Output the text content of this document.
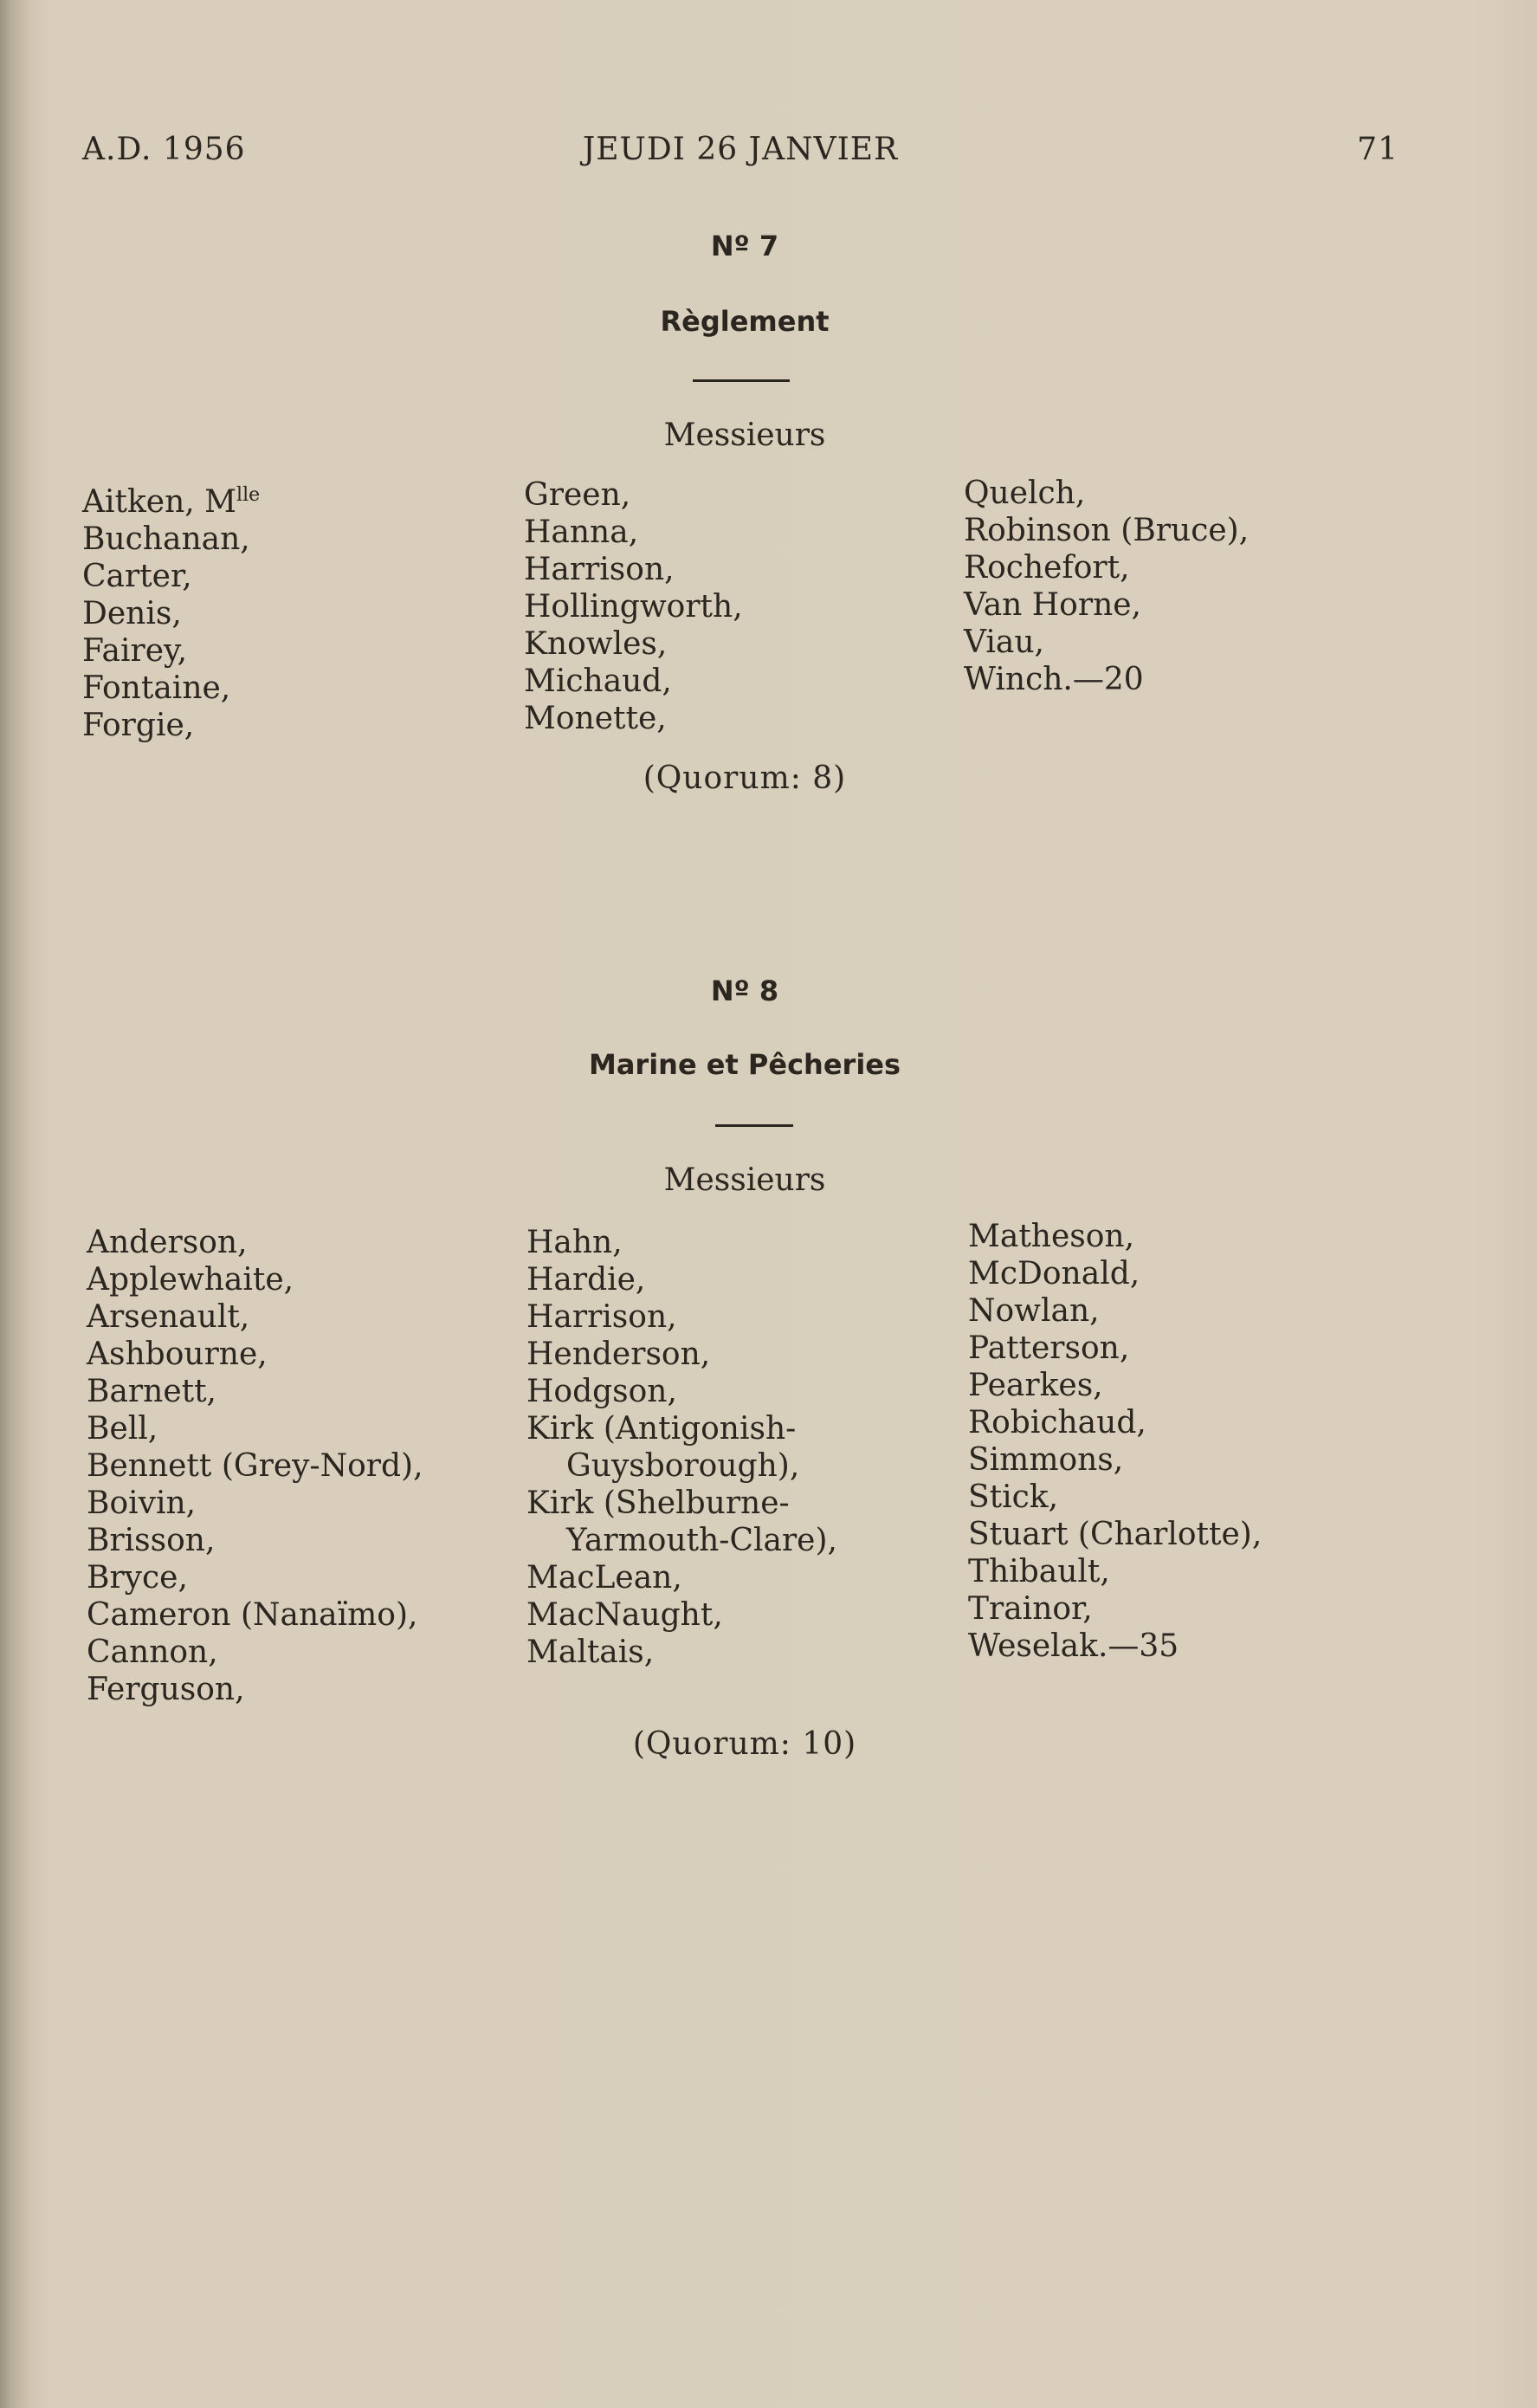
A.D. 1956	JEUDI 26 JANVIER	71
Nº 7
Règlement
Messieurs
Aitken, $M^{lle}$
Buchanan,
Carter,
Denis,
Fairey,
Fontaine,
Forgie,
Green,
Hanna,
Harrison,
Hollingworth,
Knowles,
Michaud,
Monette,
Quelch,
Robinson (Bruce),
Rochefort,
Van Horne,
Viau,
Winch.—20
(Quorum: 8)
Nº 8
Marine et Pêcheries
Messieurs
Anderson,
Applewhaite,
Arsenault,
Ashbourne,
Barnett,
Bell,
Bennett (Grey-Nord),
Boivin,
Brisson,
Bryce,
Cameron (Nanaïmo),
Cannon,
Ferguson,
Hahn,
Hardie,
Harrison,
Henderson,
Hodgson,
Kirk (Antigonish-
Guysborough),
Kirk (Shelburne-
Yarmouth-Clare),
MacLean,
MacNaught,
Maltais,
Matheson,
McDonald,
Nowlan,
Patterson,
Pearkes,
Robichaud,
Simmons,
Stick,
Stuart (Charlotte),
Thibault,
Trainor,
Weselak.—35
(Quorum: 10)
